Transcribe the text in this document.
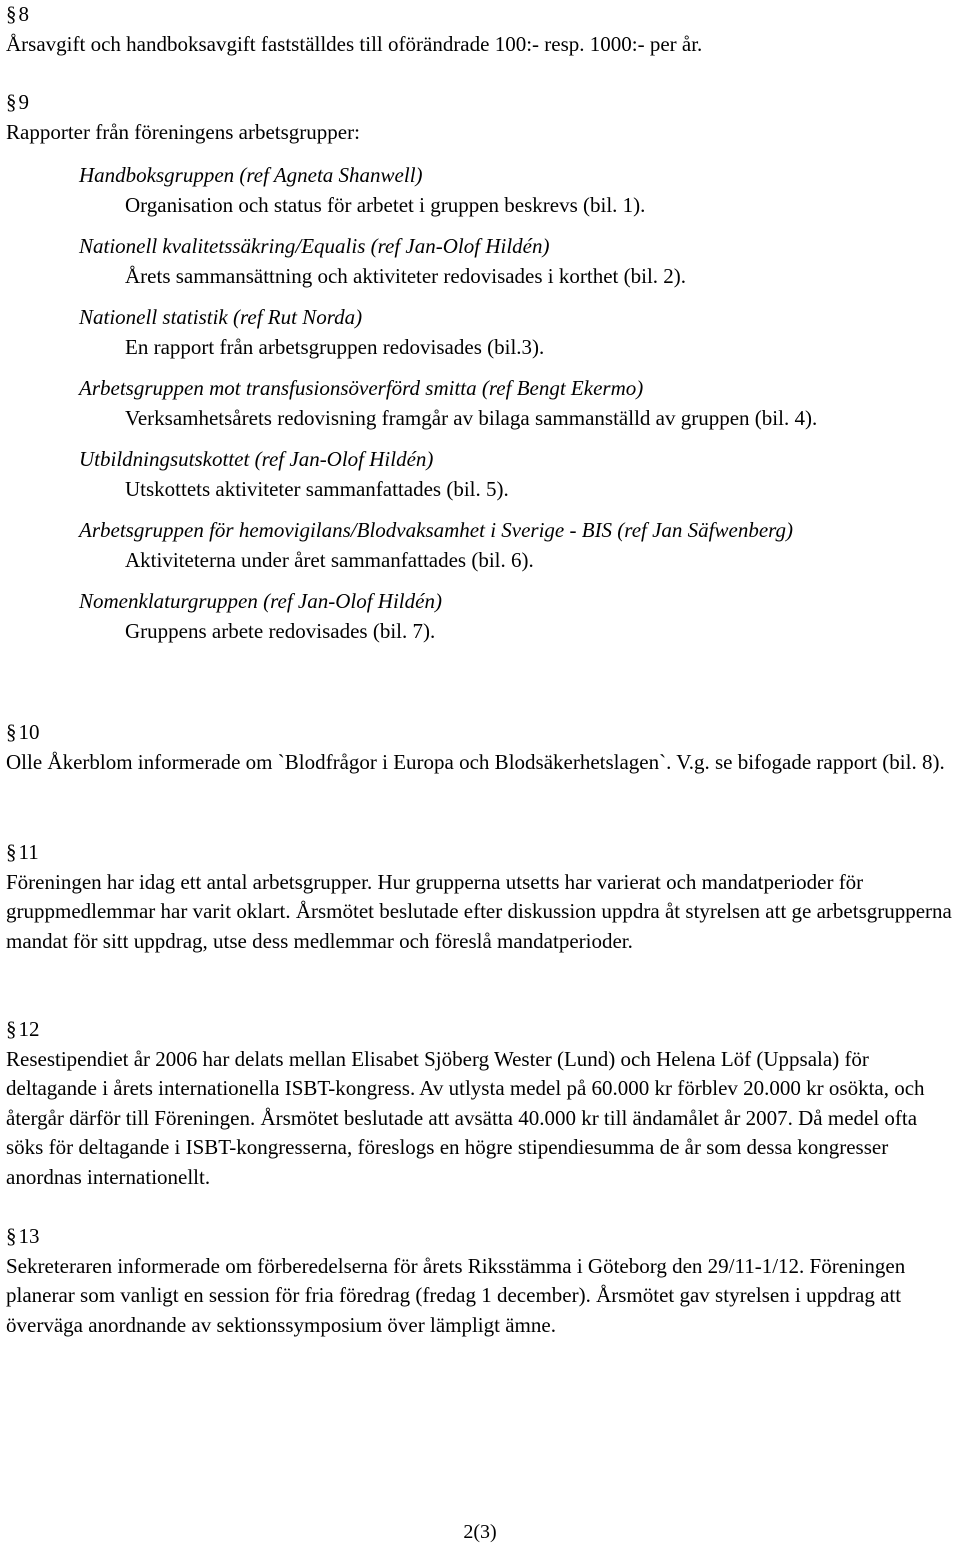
§8

Årsavgift och handboksavgift fastställdes till oförändrade 100:- resp. 1000:- per år.

§9

Rapporter från föreningens arbetsgrupper:

Handboksgruppen (ref Agneta Shanwell)
Organisation och status för arbetet i gruppen beskrevs (bil. 1).
Nationell kvalitetssäkring/Equalis (ref Jan-Olof Hildén)
Årets sammansättning och aktiviteter redovisades i korthet (bil. 2).
Nationell statistik (ref Rut Norda)
En rapport från arbetsgruppen redovisades (bil.3).
Arbetsgruppen mot transfusionsöverförd smitta (ref Bengt Ekermo)
Verksamhetsårets redovisning framgår av bilaga sammanställd av gruppen (bil. 4).
Utbildningsutskottet (ref Jan-Olof Hildén)
Utskottets aktiviteter sammanfattades (bil. 5).
Arbetsgruppen för hemovigilans/Blodvaksamhet i Sverige - BIS (ref Jan Säfwenberg)
Aktiviteterna under året sammanfattades (bil. 6).
Nomenklaturgruppen (ref Jan-Olof Hildén)
Gruppens arbete redovisades (bil. 7).
§10

Olle Åkerblom informerade om `Blodfrågor i Europa och Blodsäkerhetslagen`. V.g. se bifogade rapport (bil. 8).

§11

Föreningen har idag ett antal arbetsgrupper. Hur grupperna utsetts har varierat och mandatperioder för gruppmedlemmar har varit oklart. Årsmötet beslutade efter diskussion uppdra åt styrelsen att ge arbetsgrupperna mandat för sitt uppdrag, utse dess medlemmar och föreslå mandatperioder.

§12

Resestipendiet år 2006 har delats mellan Elisabet Sjöberg Wester (Lund) och Helena Löf (Uppsala) för deltagande i årets internationella ISBT-kongress. Av utlysta medel på 60.000 kr förblev 20.000 kr osökta, och återgår därför till Föreningen. Årsmötet beslutade att avsätta 40.000 kr till ändamålet år 2007. Då medel ofta söks för deltagande i ISBT-kongresserna, föreslogs en högre stipendiesumma de år som dessa kongresser anordnas internationellt.

§13

Sekreteraren informerade om förberedelserna för årets Riksstämma i Göteborg den 29/11-1/12. Föreningen planerar som vanligt en session för fria föredrag (fredag 1 december). Årsmötet gav styrelsen i uppdrag att överväga anordnande av sektionssymposium över lämpligt ämne.

2(3)
